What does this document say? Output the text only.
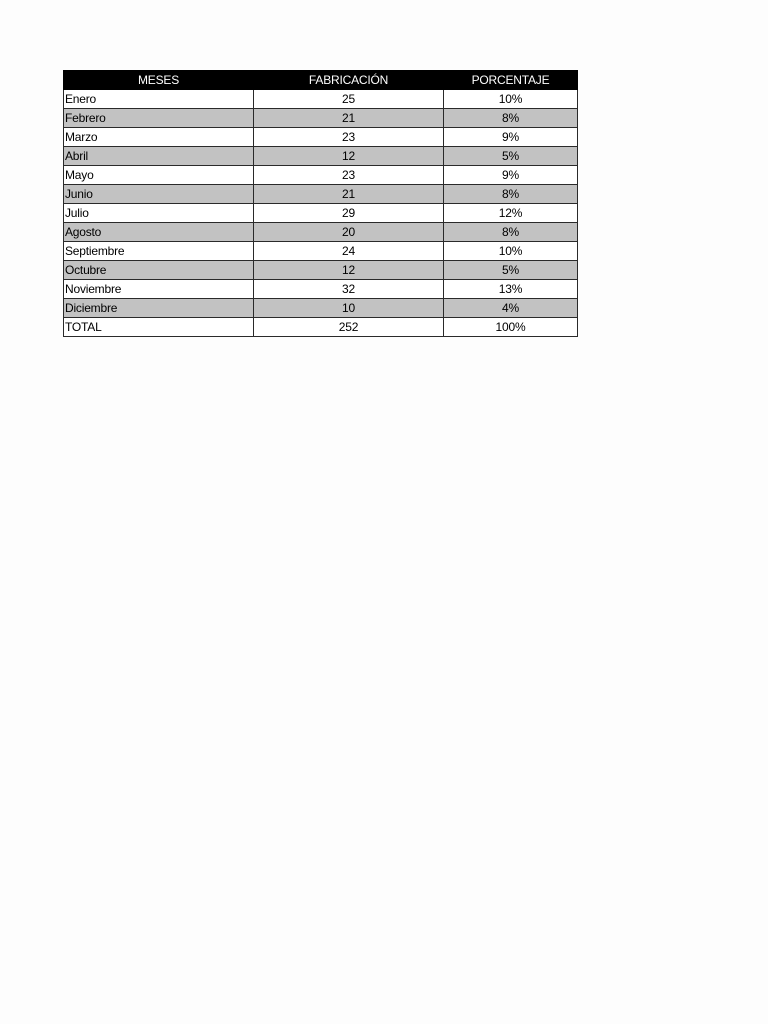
MESES	FABRICACIÓN	PORCENTAJE
Enero	25	10%
Febrero	21	8%
Marzo	23	9%
Abril	12	5%
Mayo	23	9%
Junio	21	8%
Julio	29	12%
Agosto	20	8%
Septiembre	24	10%
Octubre	12	5%
Noviembre	32	13%
Diciembre	10	4%
TOTAL	252	100%
